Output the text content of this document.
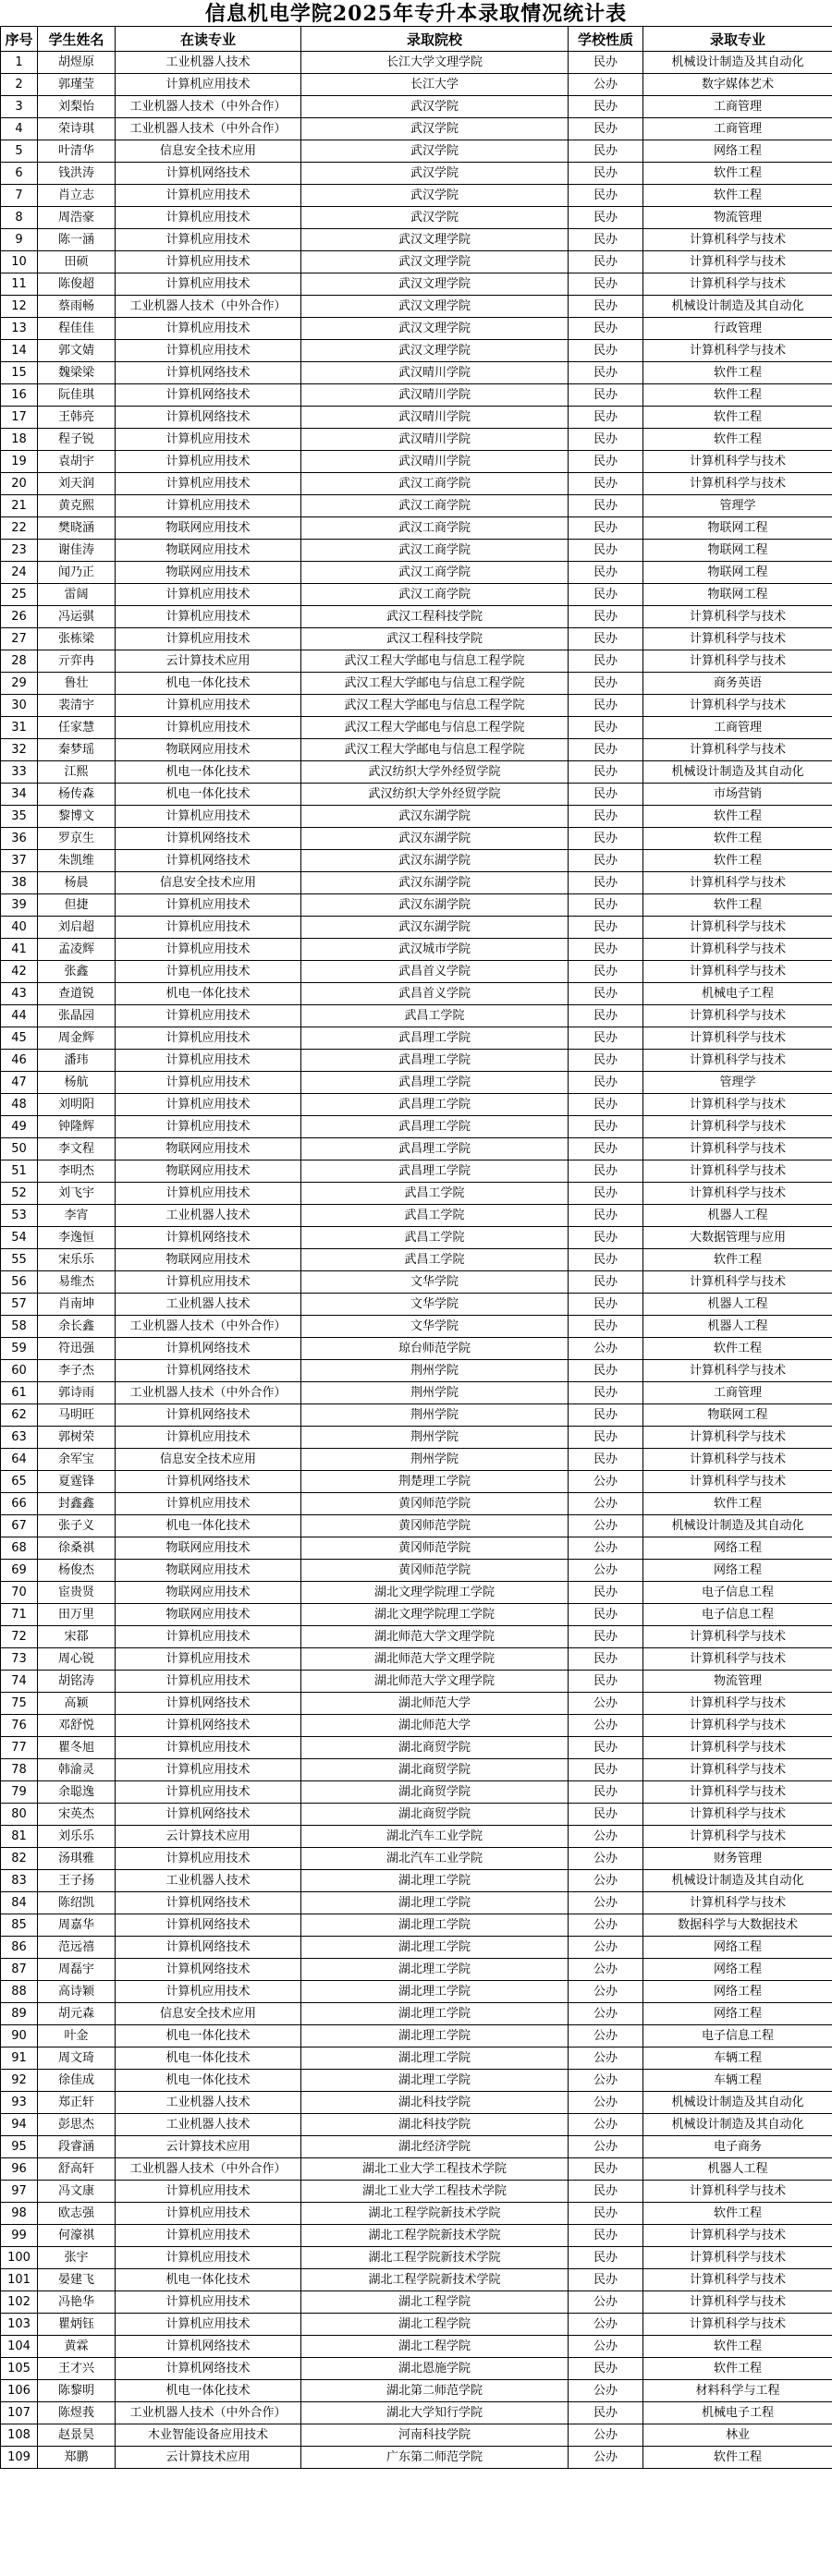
信息机电学院2025年专升本录取情况统计表
序号	学生姓名	在读专业	录取院校	学校性质	录取专业
1	胡煜原	工业机器人技术	长江大学文理学院	民办	机械设计制造及其自动化
2	郭瑾莹	计算机应用技术	长江大学	公办	数字媒体艺术
3	刘梨怡	工业机器人技术（中外合作）	武汉学院	民办	工商管理
4	荣诗琪	工业机器人技术（中外合作）	武汉学院	民办	工商管理
5	叶清华	信息安全技术应用	武汉学院	民办	网络工程
6	钱洪涛	计算机网络技术	武汉学院	民办	软件工程
7	肖立志	计算机应用技术	武汉学院	民办	软件工程
8	周浩豪	计算机应用技术	武汉学院	民办	物流管理
9	陈一涵	计算机应用技术	武汉文理学院	民办	计算机科学与技术
10	田硕	计算机应用技术	武汉文理学院	民办	计算机科学与技术
11	陈俊超	计算机应用技术	武汉文理学院	民办	计算机科学与技术
12	蔡雨畅	工业机器人技术（中外合作）	武汉文理学院	民办	机械设计制造及其自动化
13	程佳佳	计算机应用技术	武汉文理学院	民办	行政管理
14	郭文婧	计算机应用技术	武汉文理学院	民办	计算机科学与技术
15	魏梁梁	计算机网络技术	武汉晴川学院	民办	软件工程
16	阮佳琪	计算机网络技术	武汉晴川学院	民办	软件工程
17	王韩亮	计算机网络技术	武汉晴川学院	民办	软件工程
18	程子锐	计算机应用技术	武汉晴川学院	民办	软件工程
19	袁胡宇	计算机应用技术	武汉晴川学院	民办	计算机科学与技术
20	刘天润	计算机应用技术	武汉工商学院	民办	计算机科学与技术
21	黄克熙	计算机应用技术	武汉工商学院	民办	管理学
22	樊晓涵	物联网应用技术	武汉工商学院	民办	物联网工程
23	谢佳涛	物联网应用技术	武汉工商学院	民办	物联网工程
24	闻乃正	物联网应用技术	武汉工商学院	民办	物联网工程
25	雷阔	计算机应用技术	武汉工商学院	民办	物联网工程
26	冯运骐	计算机应用技术	武汉工程科技学院	民办	计算机科学与技术
27	张栋梁	计算机应用技术	武汉工程科技学院	民办	计算机科学与技术
28	亓弈冉	云计算技术应用	武汉工程大学邮电与信息工程学院	民办	计算机科学与技术
29	鲁壮	机电一体化技术	武汉工程大学邮电与信息工程学院	民办	商务英语
30	裴清宇	计算机应用技术	武汉工程大学邮电与信息工程学院	民办	计算机科学与技术
31	任家慧	计算机应用技术	武汉工程大学邮电与信息工程学院	民办	工商管理
32	秦梦瑶	物联网应用技术	武汉工程大学邮电与信息工程学院	民办	计算机科学与技术
33	江熙	机电一体化技术	武汉纺织大学外经贸学院	民办	机械设计制造及其自动化
34	杨传森	机电一体化技术	武汉纺织大学外经贸学院	民办	市场营销
35	黎博文	计算机应用技术	武汉东湖学院	民办	软件工程
36	罗京生	计算机网络技术	武汉东湖学院	民办	软件工程
37	朱凯维	计算机网络技术	武汉东湖学院	民办	软件工程
38	杨晨	信息安全技术应用	武汉东湖学院	民办	计算机科学与技术
39	但捷	计算机应用技术	武汉东湖学院	民办	软件工程
40	刘启超	计算机应用技术	武汉东湖学院	民办	计算机科学与技术
41	孟凌辉	计算机应用技术	武汉城市学院	民办	计算机科学与技术
42	张鑫	计算机应用技术	武昌首义学院	民办	计算机科学与技术
43	查道锐	机电一体化技术	武昌首义学院	民办	机械电子工程
44	张晶园	计算机应用技术	武昌工学院	民办	计算机科学与技术
45	周金辉	计算机应用技术	武昌理工学院	民办	计算机科学与技术
46	潘玮	计算机应用技术	武昌理工学院	民办	计算机科学与技术
47	杨航	计算机应用技术	武昌理工学院	民办	管理学
48	刘明阳	计算机应用技术	武昌理工学院	民办	计算机科学与技术
49	钟隆辉	计算机应用技术	武昌理工学院	民办	计算机科学与技术
50	李文程	物联网应用技术	武昌理工学院	民办	计算机科学与技术
51	李明杰	物联网应用技术	武昌理工学院	民办	计算机科学与技术
52	刘飞宇	计算机应用技术	武昌工学院	民办	计算机科学与技术
53	李宵	工业机器人技术	武昌工学院	民办	机器人工程
54	李逸恒	计算机网络技术	武昌工学院	民办	大数据管理与应用
55	宋乐乐	物联网应用技术	武昌工学院	民办	软件工程
56	易维杰	计算机应用技术	文华学院	民办	计算机科学与技术
57	肖南坤	工业机器人技术	文华学院	民办	机器人工程
58	余长鑫	工业机器人技术（中外合作）	文华学院	民办	机器人工程
59	符迅强	计算机网络技术	琼台师范学院	公办	软件工程
60	李子杰	计算机网络技术	荆州学院	民办	计算机科学与技术
61	郭诗雨	工业机器人技术（中外合作）	荆州学院	民办	工商管理
62	马明旺	计算机网络技术	荆州学院	民办	物联网工程
63	郭树荣	计算机应用技术	荆州学院	民办	计算机科学与技术
64	余军宝	信息安全技术应用	荆州学院	民办	计算机科学与技术
65	夏霆锋	计算机网络技术	荆楚理工学院	公办	计算机科学与技术
66	封鑫鑫	计算机应用技术	黄冈师范学院	公办	软件工程
67	张子义	机电一体化技术	黄冈师范学院	公办	机械设计制造及其自动化
68	徐桑祺	物联网应用技术	黄冈师范学院	公办	网络工程
69	杨俊杰	物联网应用技术	黄冈师范学院	公办	网络工程
70	宦贵贤	物联网应用技术	湖北文理学院理工学院	民办	电子信息工程
71	田万里	物联网应用技术	湖北文理学院理工学院	民办	电子信息工程
72	宋鄀	计算机应用技术	湖北师范大学文理学院	民办	计算机科学与技术
73	周心锐	计算机应用技术	湖北师范大学文理学院	民办	计算机科学与技术
74	胡铭涛	计算机应用技术	湖北师范大学文理学院	民办	物流管理
75	高颖	计算机网络技术	湖北师范大学	公办	计算机科学与技术
76	邓舒悦	计算机网络技术	湖北师范大学	公办	计算机科学与技术
77	瞿冬旭	计算机应用技术	湖北商贸学院	民办	计算机科学与技术
78	韩渝灵	计算机应用技术	湖北商贸学院	民办	计算机科学与技术
79	余聪逸	计算机应用技术	湖北商贸学院	民办	计算机科学与技术
80	宋英杰	计算机网络技术	湖北商贸学院	民办	计算机科学与技术
81	刘乐乐	云计算技术应用	湖北汽车工业学院	公办	计算机科学与技术
82	汤琪雅	计算机应用技术	湖北汽车工业学院	公办	财务管理
83	王子扬	工业机器人技术	湖北理工学院	公办	机械设计制造及其自动化
84	陈绍凯	计算机网络技术	湖北理工学院	公办	计算机科学与技术
85	周嘉华	计算机网络技术	湖北理工学院	公办	数据科学与大数据技术
86	范远禧	计算机网络技术	湖北理工学院	公办	网络工程
87	周磊宇	计算机网络技术	湖北理工学院	公办	网络工程
88	高诗颖	计算机应用技术	湖北理工学院	公办	网络工程
89	胡元森	信息安全技术应用	湖北理工学院	公办	网络工程
90	叶金	机电一体化技术	湖北理工学院	公办	电子信息工程
91	周文琦	机电一体化技术	湖北理工学院	公办	车辆工程
92	徐佳成	机电一体化技术	湖北理工学院	公办	车辆工程
93	郑正轩	工业机器人技术	湖北科技学院	公办	机械设计制造及其自动化
94	彭思杰	工业机器人技术	湖北科技学院	公办	机械设计制造及其自动化
95	段睿涵	云计算技术应用	湖北经济学院	公办	电子商务
96	舒高轩	工业机器人技术（中外合作）	湖北工业大学工程技术学院	民办	机器人工程
97	冯文康	计算机应用技术	湖北工业大学工程技术学院	民办	计算机科学与技术
98	欧志强	计算机应用技术	湖北工程学院新技术学院	民办	软件工程
99	何濠祺	计算机应用技术	湖北工程学院新技术学院	民办	计算机科学与技术
100	张宇	计算机应用技术	湖北工程学院新技术学院	民办	计算机科学与技术
101	晏建飞	机电一体化技术	湖北工程学院新技术学院	民办	计算机科学与技术
102	冯艳华	计算机应用技术	湖北工程学院	公办	计算机科学与技术
103	瞿炳钰	计算机应用技术	湖北工程学院	公办	计算机科学与技术
104	黄霖	计算机网络技术	湖北工程学院	公办	软件工程
105	王才兴	计算机网络技术	湖北恩施学院	民办	软件工程
106	陈黎明	机电一体化技术	湖北第二师范学院	公办	材料科学与工程
107	陈煜莪	工业机器人技术（中外合作）	湖北大学知行学院	民办	机械电子工程
108	赵景昊	木业智能设备应用技术	河南科技学院	公办	林业
109	郑鹏	云计算技术应用	广东第二师范学院	公办	软件工程
